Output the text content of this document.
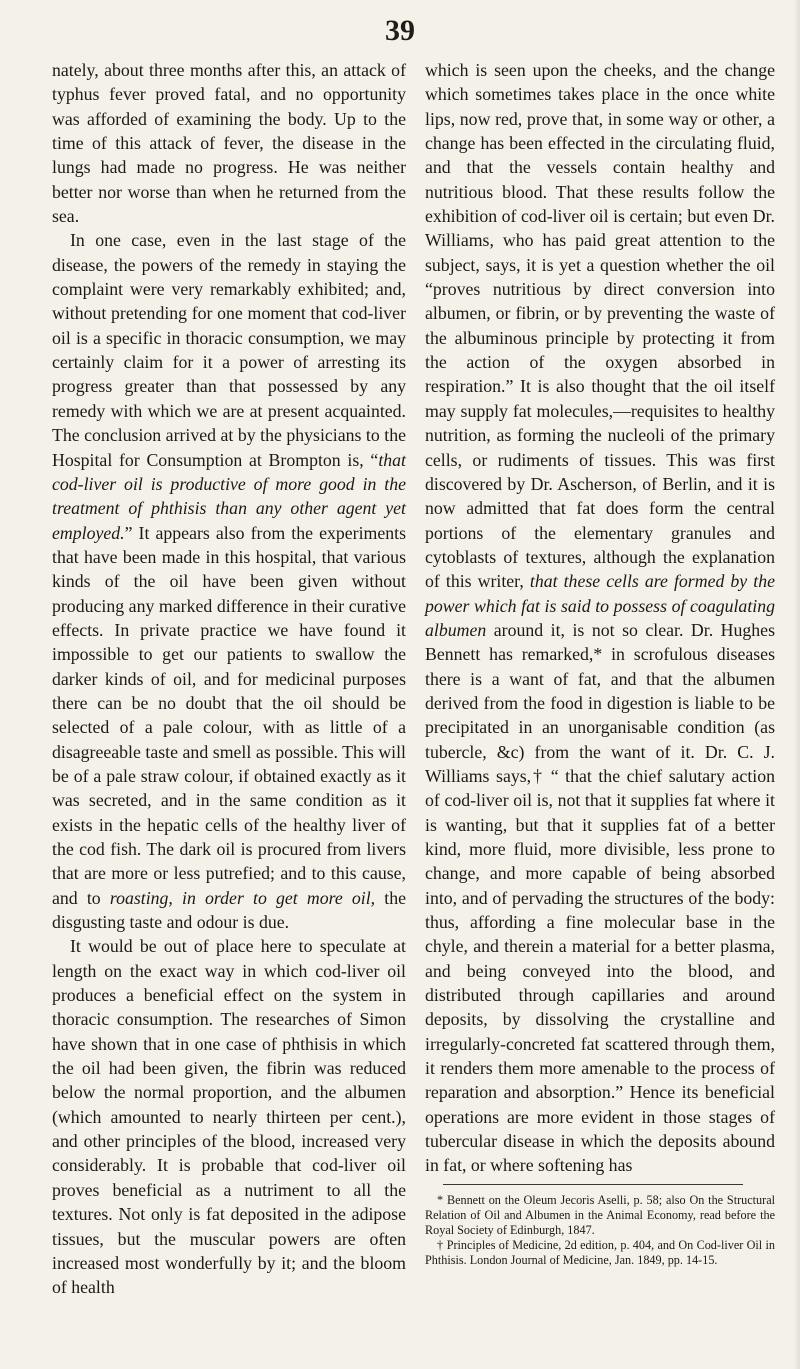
39

nately, about three months after this, an attack of typhus fever proved fatal, and no opportunity was afforded of examining the body. Up to the time of this attack of fever, the disease in the lungs had made no progress. He was neither better nor worse than when he returned from the sea.

In one case, even in the last stage of the disease, the powers of the remedy in staying the complaint were very remarkably exhibited; and, without pretending for one moment that cod-liver oil is a specific in thoracic consumption, we may certainly claim for it a power of arresting its progress greater than that possessed by any remedy with which we are at present acquainted. The conclusion arrived at by the physicians to the Hospital for Consumption at Brompton is, “that cod-liver oil is productive of more good in the treatment of phthisis than any other agent yet employed.” It appears also from the experiments that have been made in this hospital, that various kinds of the oil have been given without producing any marked difference in their curative effects. In private practice we have found it impossible to get our patients to swallow the darker kinds of oil, and for medicinal purposes there can be no doubt that the oil should be selected of a pale colour, with as little of a disagreeable taste and smell as possible. This will be of a pale straw colour, if obtained exactly as it was secreted, and in the same condition as it exists in the hepatic cells of the healthy liver of the cod fish. The dark oil is procured from livers that are more or less putrefied; and to this cause, and to roasting, in order to get more oil, the disgusting taste and odour is due.

It would be out of place here to speculate at length on the exact way in which cod-liver oil produces a beneficial effect on the system in thoracic consumption. The researches of Simon have shown that in one case of phthisis in which the oil had been given, the fibrin was reduced below the normal proportion, and the albumen (which amounted to nearly thirteen per cent.), and other principles of the blood, increased very considerably. It is probable that cod-liver oil proves beneficial as a nutriment to all the textures. Not only is fat deposited in the adipose tissues, but the muscular powers are often increased most wonderfully by it; and the bloom of health

which is seen upon the cheeks, and the change which sometimes takes place in the once white lips, now red, prove that, in some way or other, a change has been effected in the circulating fluid, and that the vessels contain healthy and nutritious blood. That these results follow the exhibition of cod-liver oil is certain; but even Dr. Williams, who has paid great attention to the subject, says, it is yet a question whether the oil “proves nutritious by direct conversion into albumen, or fibrin, or by preventing the waste of the albuminous principle by protecting it from the action of the oxygen absorbed in respiration.” It is also thought that the oil itself may supply fat molecules,—requisites to healthy nutrition, as forming the nucleoli of the primary cells, or rudiments of tissues. This was first discovered by Dr. Ascherson, of Berlin, and it is now admitted that fat does form the central portions of the elementary granules and cytoblasts of textures, although the explanation of this writer, that these cells are formed by the power which fat is said to possess of coagulating albumen around it, is not so clear. Dr. Hughes Bennett has remarked,* in scrofulous diseases there is a want of fat, and that the albumen derived from the food in digestion is liable to be precipitated in an unorganisable condition (as tubercle, &c) from the want of it. Dr. C. J. Williams says,† “ that the chief salutary action of cod-liver oil is, not that it supplies fat where it is wanting, but that it supplies fat of a better kind, more fluid, more divisible, less prone to change, and more capable of being absorbed into, and of pervading the structures of the body: thus, affording a fine molecular base in the chyle, and therein a material for a better plasma, and being conveyed into the blood, and distributed through capillaries and around deposits, by dissolving the crystalline and irregularly-concreted fat scattered through them, it renders them more amenable to the process of reparation and absorption.” Hence its beneficial operations are more evident in those stages of tubercular disease in which the deposits abound in fat, or where softening has

* Bennett on the Oleum Jecoris Aselli, p. 58; also On the Structural Relation of Oil and Albumen in the Animal Economy, read before the Royal Society of Edinburgh, 1847.

† Principles of Medicine, 2d edition, p. 404, and On Cod-liver Oil in Phthisis. London Journal of Medicine, Jan. 1849, pp. 14-15.
